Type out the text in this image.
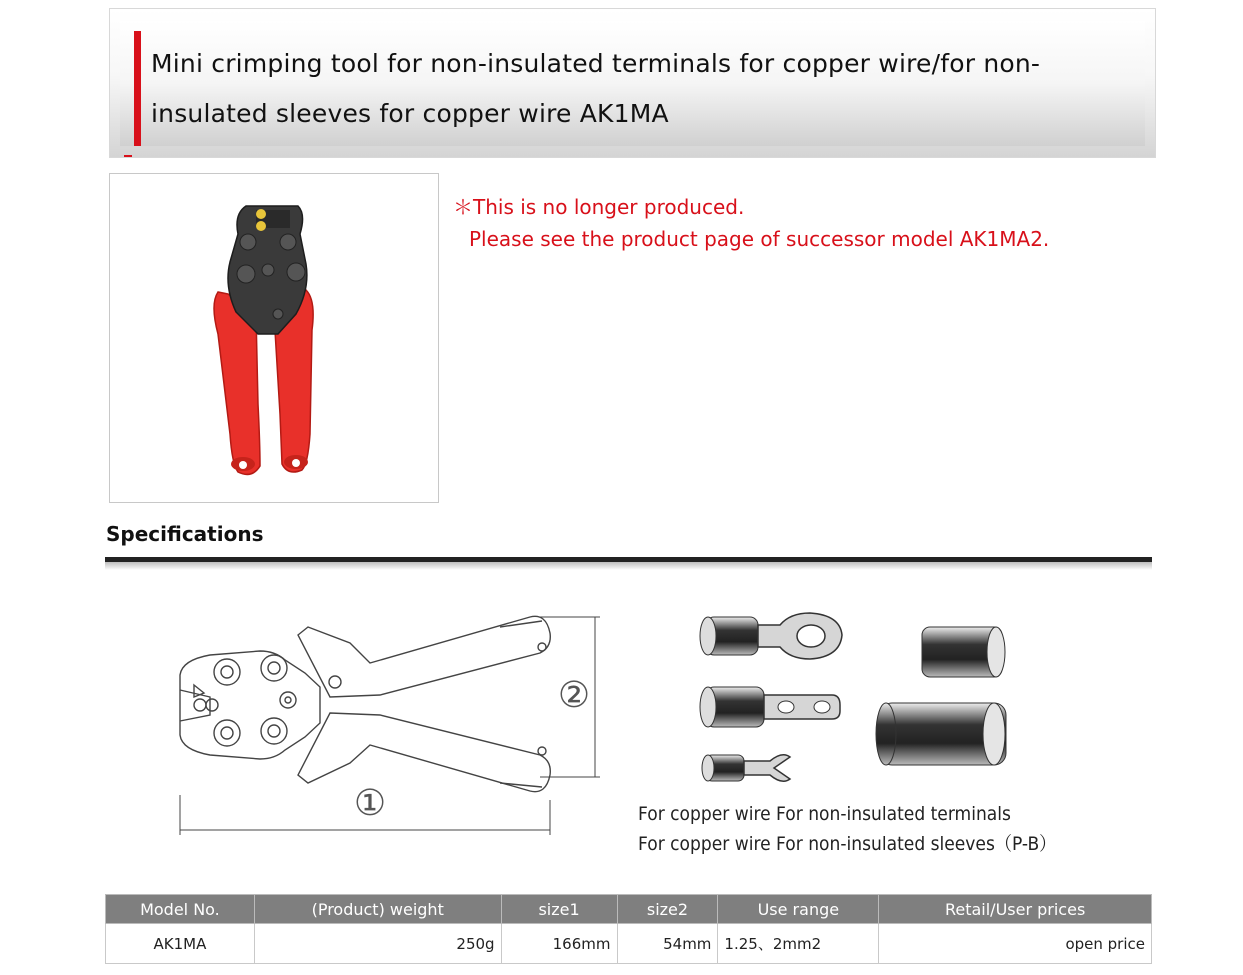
Mini crimping tool for non-insulated terminals for copper wire/for non-
insulated sleeves for copper wire AK1MA
＊This is no longer produced.
Please see the product page of successor model AK1MA2.
Specifications
①
②
For copper wire For non-insulated terminals
For copper wire For non-insulated sleeves（P-B）
Model No.	(Product) weight	size1	size2	Use range	Retail/User prices
AK1MA	250g	166mm	54mm	1.25、2mm2	open price
